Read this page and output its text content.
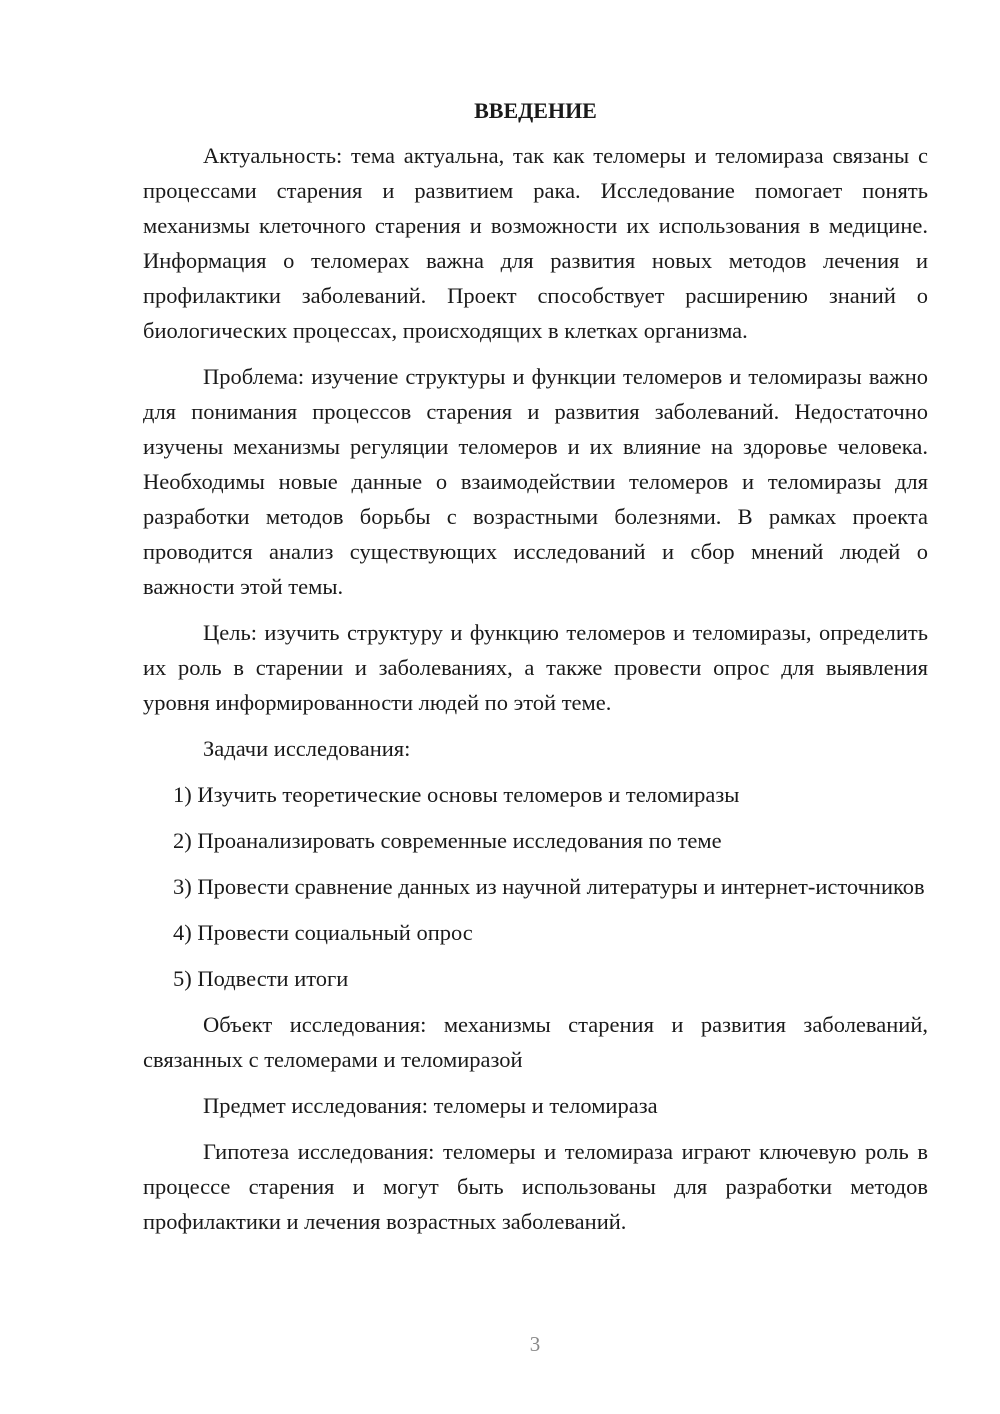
ВВЕДЕНИЕ

Актуальность: тема актуальна, так как теломеры и теломираза связаны с процессами старения и развитием рака. Исследование помогает понять механизмы клеточного старения и возможности их использования в медицине. Информация о теломерах важна для развития новых методов лечения и профилактики заболеваний. Проект способствует расширению знаний о биологических процессах, происходящих в клетках организма.

Проблема: изучение структуры и функции теломеров и теломиразы важно для понимания процессов старения и развития заболеваний. Недостаточно изучены механизмы регуляции теломеров и их влияние на здоровье человека. Необходимы новые данные о взаимодействии теломеров и теломиразы для разработки методов борьбы с возрастными болезнями. В рамках проекта проводится анализ существующих исследований и сбор мнений людей о важности этой темы.

Цель: изучить структуру и функцию теломеров и теломиразы, определить их роль в старении и заболеваниях, а также провести опрос для выявления уровня информированности людей по этой теме.

Задачи исследования:

1) Изучить теоретические основы теломеров и теломиразы

2) Проанализировать современные исследования по теме

3) Провести сравнение данных из научной литературы и интернет-источников

4) Провести социальный опрос

5) Подвести итоги

Объект исследования: механизмы старения и развития заболеваний, связанных с теломерами и теломиразой

Предмет исследования: теломеры и теломираза

Гипотеза исследования: теломеры и теломираза играют ключевую роль в процессе старения и могут быть использованы для разработки методов профилактики и лечения возрастных заболеваний.

3
